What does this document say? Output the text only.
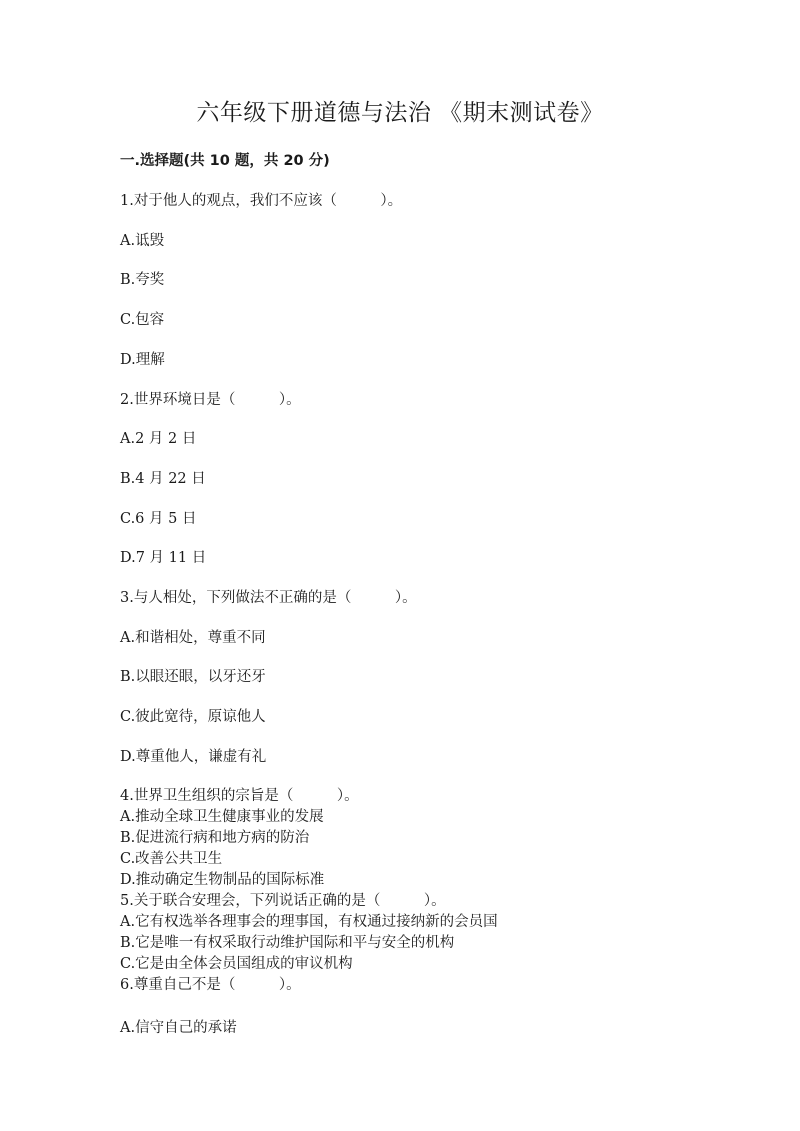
六年级下册道德与法治 《期末测试卷》

一.选择题(共 10 题，共 20 分)

1.对于他人的观点，我们不应该（　　　）。

A.诋毁

B.夸奖

C.包容

D.理解

2.世界环境日是（　　　）。

A.2 月 2 日

B.4 月 22 日

C.6 月 5 日

D.7 月 11 日

3.与人相处，下列做法不正确的是（　　　）。

A.和谐相处，尊重不同

B.以眼还眼，以牙还牙

C.彼此宽待，原谅他人

D.尊重他人，谦虚有礼

4.世界卫生组织的宗旨是（　　　）。

A.推动全球卫生健康事业的发展

B.促进流行病和地方病的防治

C.改善公共卫生

D.推动确定生物制品的国际标准

5.关于联合安理会，下列说话正确的是（　　　）。

A.它有权选举各理事会的理事国，有权通过接纳新的会员国

B.它是唯一有权采取行动维护国际和平与安全的机构

C.它是由全体会员国组成的审议机构

6.尊重自己不是（　　　）。

A.信守自己的承诺
